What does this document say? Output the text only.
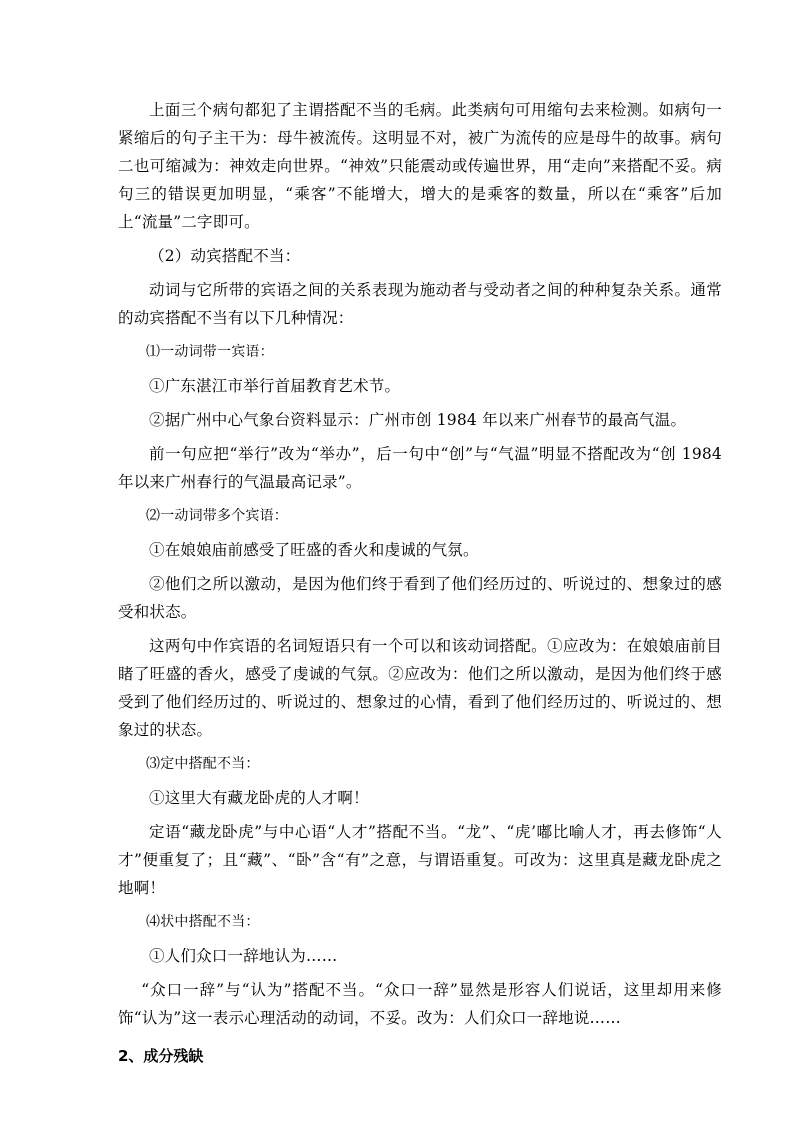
上面三个病句都犯了主谓搭配不当的毛病。此类病句可用缩句去来检测。如病句一紧缩后的句子主干为：母牛被流传。这明显不对，被广为流传的应是母牛的故事。病句二也可缩减为：神效走向世界。“神效”只能震动或传遍世界，用“走向”来搭配不妥。病句三的错误更加明显，“乘客”不能增大，增大的是乘客的数量，所以在“乘客”后加上“流量”二字即可。

（2）动宾搭配不当：

动词与它所带的宾语之间的关系表现为施动者与受动者之间的种种复杂关系。通常的动宾搭配不当有以下几种情况：

⑴一动词带一宾语：

①广东湛江市举行首届教育艺术节。

②据广州中心气象台资料显示：广州市创 1984 年以来广州春节的最高气温。

前一句应把“举行”改为“举办”，后一句中“创”与“气温”明显不搭配改为“创 1984 年以来广州春行的气温最高记录”。

⑵一动词带多个宾语：

①在娘娘庙前感受了旺盛的香火和虔诚的气氛。

②他们之所以激动，是因为他们终于看到了他们经历过的、听说过的、想象过的感受和状态。

这两句中作宾语的名词短语只有一个可以和该动词搭配。①应改为：在娘娘庙前目睹了旺盛的香火，感受了虔诚的气氛。②应改为：他们之所以激动，是因为他们终于感受到了他们经历过的、听说过的、想象过的心情，看到了他们经历过的、听说过的、想象过的状态。

⑶定中搭配不当：

①这里大有藏龙卧虎的人才啊！

定语“藏龙卧虎”与中心语“人才”搭配不当。“龙”、“虎’嘟比喻人才，再去修饰“人才”便重复了；且“藏”、“卧”含“有”之意，与谓语重复。可改为：这里真是藏龙卧虎之地啊！

⑷状中搭配不当：

①人们众口一辞地认为……

“众口一辞”与“认为”搭配不当。“众口一辞”显然是形容人们说话，这里却用来修饰“认为”这一表示心理活动的动词，不妥。改为：人们众口一辞地说……

2、成分残缺
